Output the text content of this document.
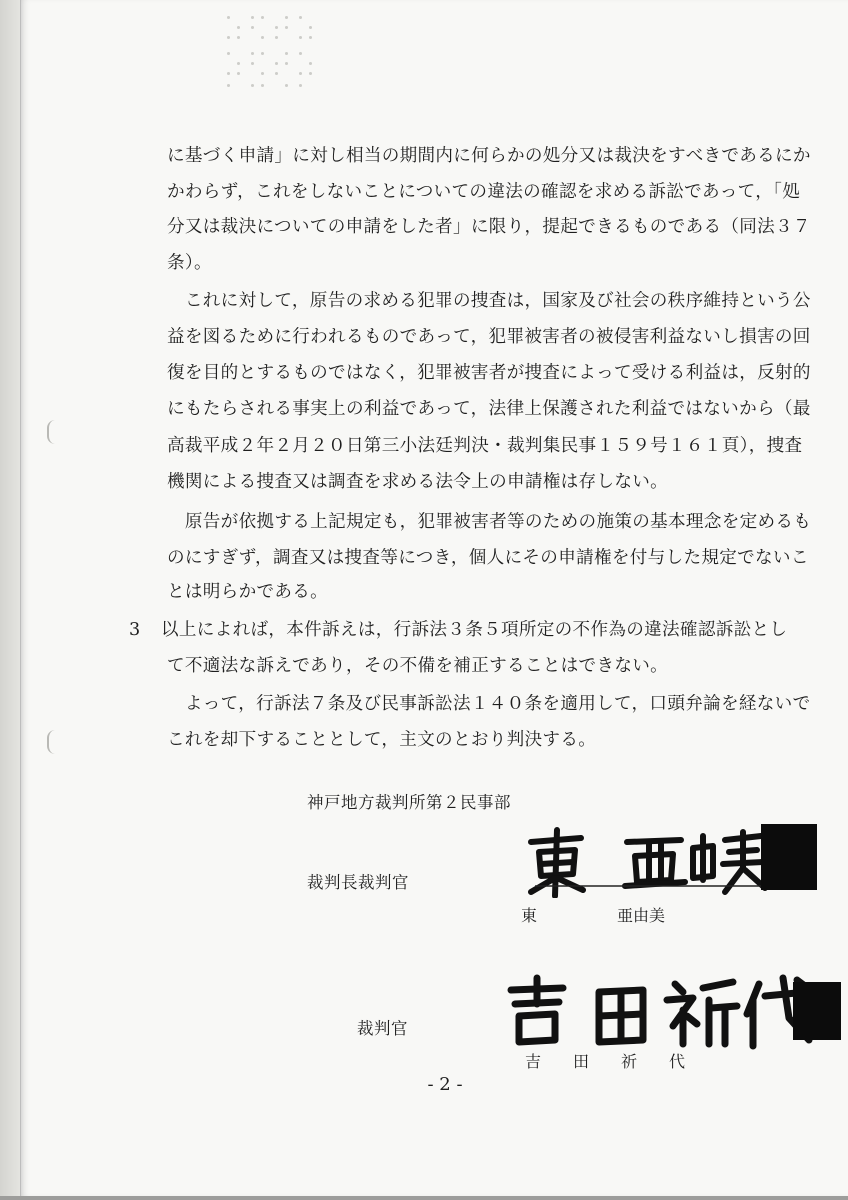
に基づく申請」に対し相当の期間内に何らかの処分又は裁決をすべきであるにか
かわらず，これをしないことについての違法の確認を求める訴訟であって，「処
分又は裁決についての申請をした者」に限り，提起できるものである（同法３７
条）。
　これに対して，原告の求める犯罪の捜査は，国家及び社会の秩序維持という公
益を図るために行われるものであって，犯罪被害者の被侵害利益ないし損害の回
復を目的とするものではなく，犯罪被害者が捜査によって受ける利益は，反射的
にもたらされる事実上の利益であって，法律上保護された利益ではないから（最
高裁平成２年２月２０日第三小法廷判決・裁判集民事１５９号１６１頁），捜査
機関による捜査又は調査を求める法令上の申請権は存しない。
　原告が依拠する上記規定も，犯罪被害者等のための施策の基本理念を定めるも
のにすぎず，調査又は捜査等につき，個人にその申請権を付与した規定でないこ
とは明らかである。
3 以上によれば，本件訴えは，行訴法３条５項所定の不作為の違法確認訴訟とし
て不適法な訴えであり，その不備を補正することはできない。
　よって，行訴法７条及び民事訴訟法１４０条を適用して，口頭弁論を経ないで
これを却下することとして，主文のとおり判決する。
神戸地方裁判所第２民事部
裁判長裁判官
東　　　　　亜由美
裁判官
吉　　田　　祈　　代
- 2 -
